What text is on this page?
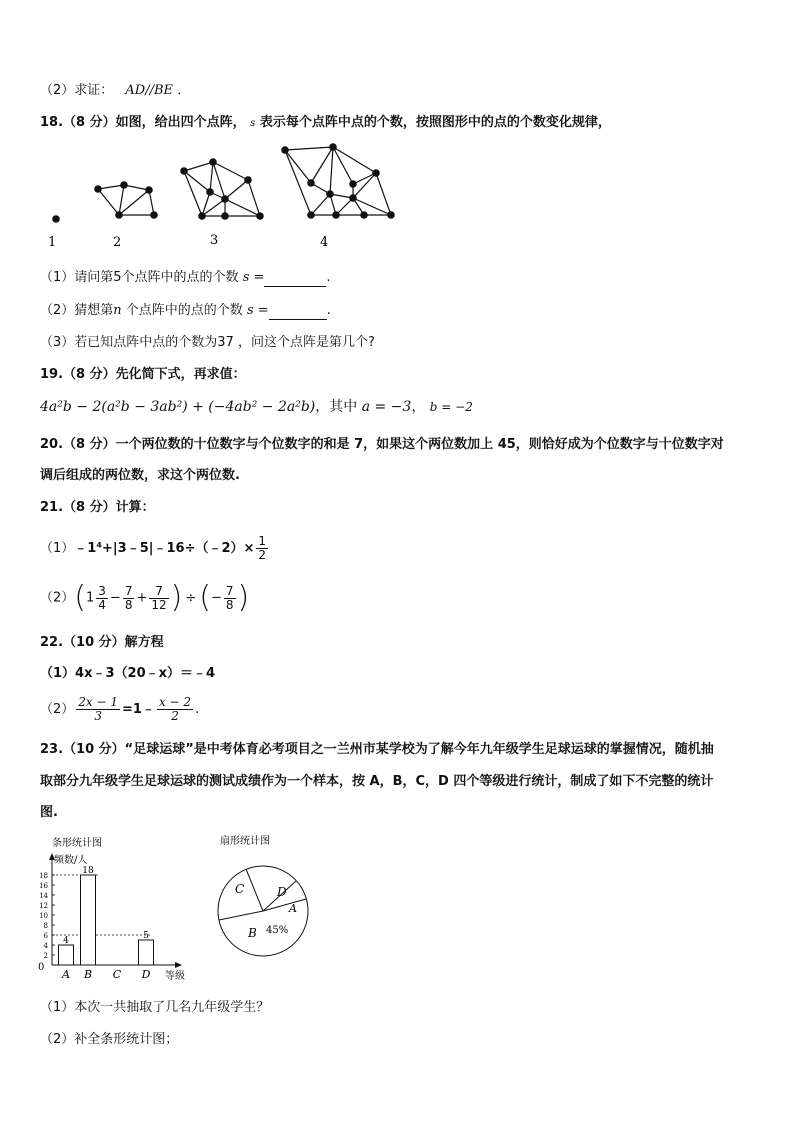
（2）求证： AD//BE ．
18.（8 分）如图，给出四个点阵， s 表示每个点阵中点的个数，按照图形中的点的个数变化规律，
1	2	3	4
（1）请问第5个点阵中的点的个数 s =	.
（2）猜想第n 个点阵中的点的个数 s =	.
（3）若已知点阵中点的个数为37 ，问这个点阵是第几个?
19.（8 分）先化简下式，再求值：
4a²b − 2(a²b − 3ab²) + (−4ab² − 2a²b)，其中 a = −3， b = −2
20.（8 分）一个两位数的十位数字与个位数字的和是 7，如果这个两位数加上 45，则恰好成为个位数字与十位数字对
调后组成的两位数，求这个两位数.
21.（8 分）计算：
（1）﹣1⁴+|3﹣5|﹣16÷（﹣2）× $\frac{1}{2}$
$(2)(1 \frac{3}{4} - \frac{7}{8} + \frac{7}{12}$ ) ÷ (− $\frac{7}{8}$ )
22.（10 分）解方程
（1）4x﹣3（20﹣x）＝﹣4
$(2) \frac{2x - 1}{3}$ =1﹣ $\frac{x - 2}{2}$ .
23.（10 分）“足球运球”是中考体育必考项目之一兰州市某学校为了解今年九年级学生足球运球的掌握情况，随机抽
取部分九年级学生足球运球的测试成绩作为一个样本，按 A，B，C，D 四个等级进行统计，制成了如下不完整的统计
图.
条形统计图
频数/人
等级
0
2
4
6
8
10
12
14
16
18
4
A
18
B C
5
D
扇形统计图
C	D
A
B 45%
（1）本次一共抽取了几名九年级学生？
（2）补全条形统计图；
